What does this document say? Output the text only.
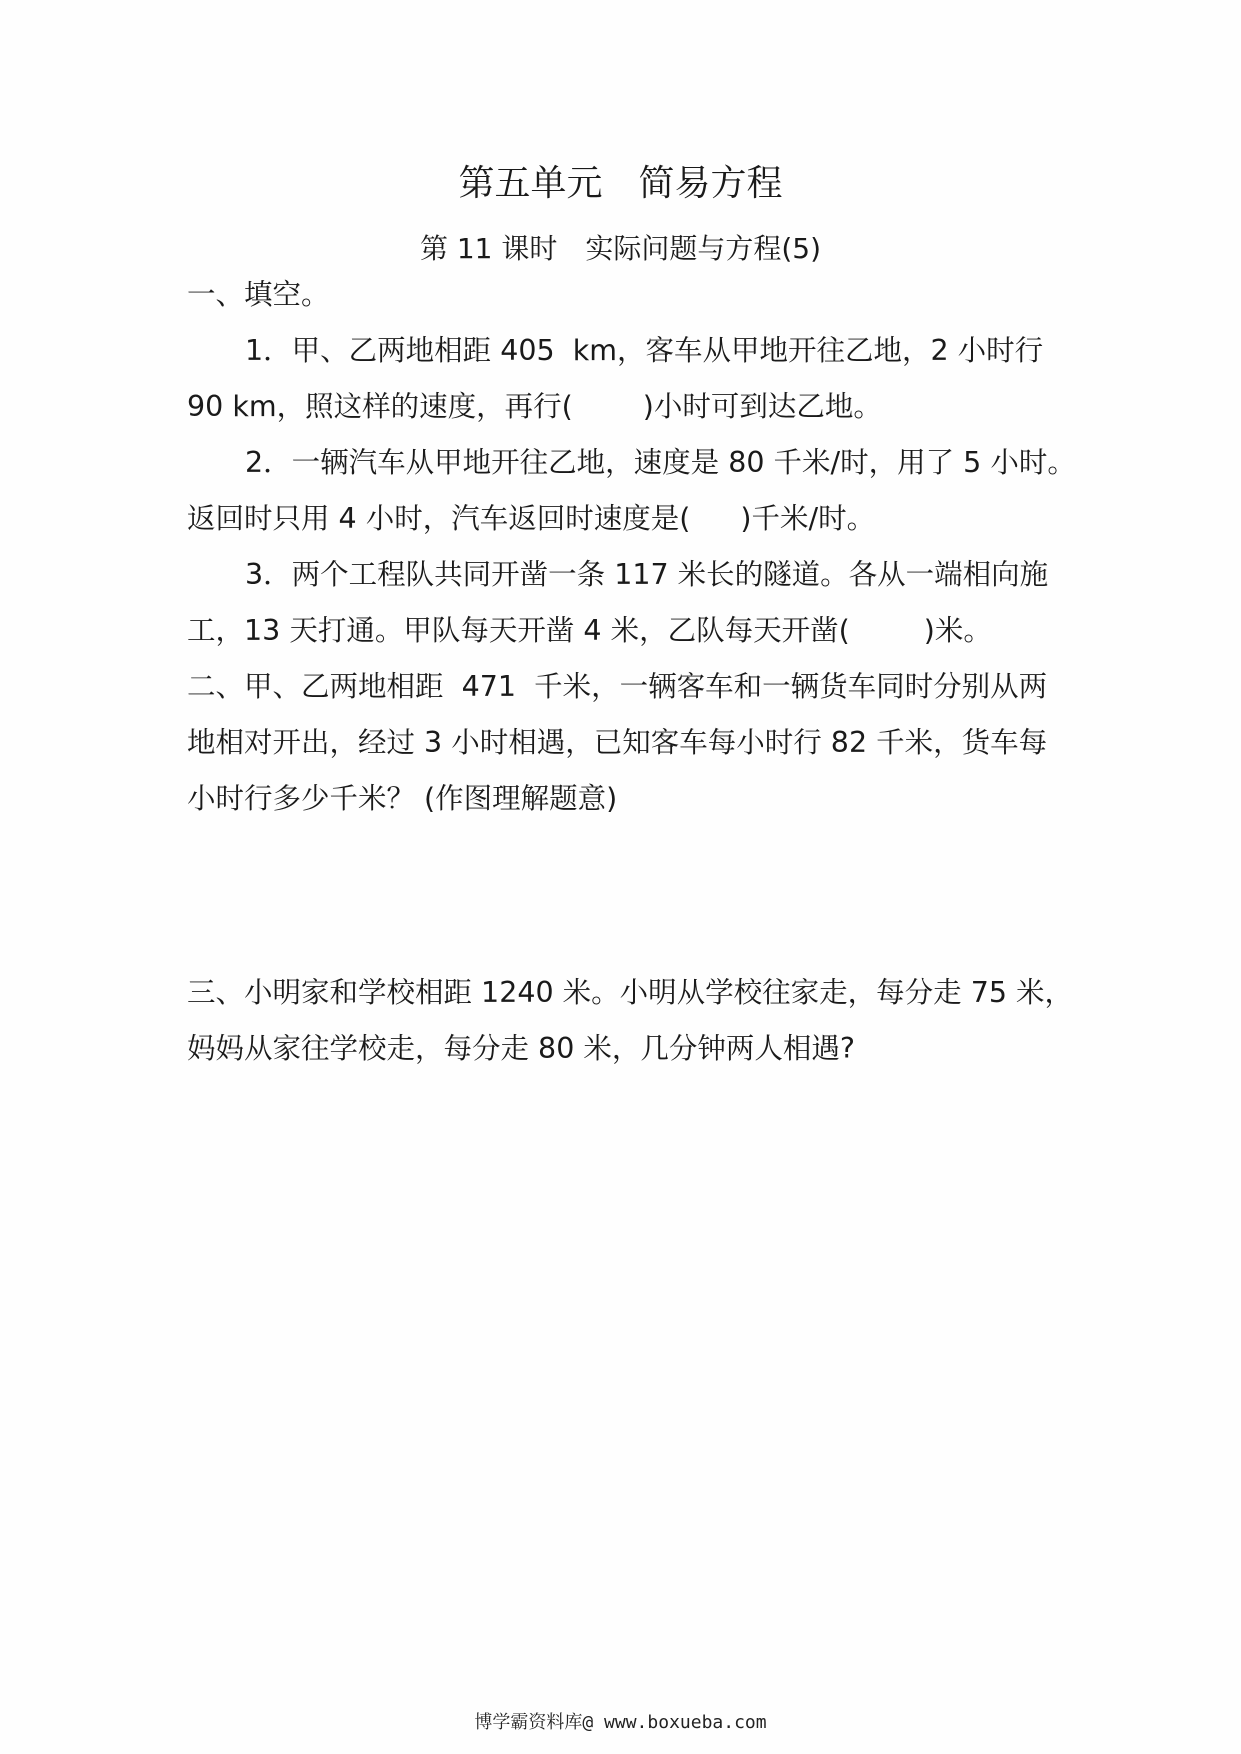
第五单元　简易方程
第 11 课时　实际问题与方程(5)
一、填空。
1．甲、乙两地相距 405  km，客车从甲地开往乙地，2 小时行
90 km，照这样的速度，再行( )小时可到达乙地。
2．一辆汽车从甲地开往乙地，速度是 80 千米/时，用了 5 小时。
返回时只用 4 小时，汽车返回时速度是( )千米/时。
3．两个工程队共同开凿一条 117 米长的隧道。各从一端相向施
工，13 天打通。甲队每天开凿 4 米，乙队每天开凿(	)米。
二、甲、乙两地相距  471  千米，一辆客车和一辆货车同时分别从两
地相对开出，经过 3 小时相遇，已知客车每小时行 82 千米，货车每
小时行多少千米？ (作图理解题意)
三、小明家和学校相距 1240 米。小明从学校往家走，每分走 75 米，
妈妈从家往学校走，每分走 80 米，几分钟两人相遇?
博学霸资料库@ www.boxueba.com
